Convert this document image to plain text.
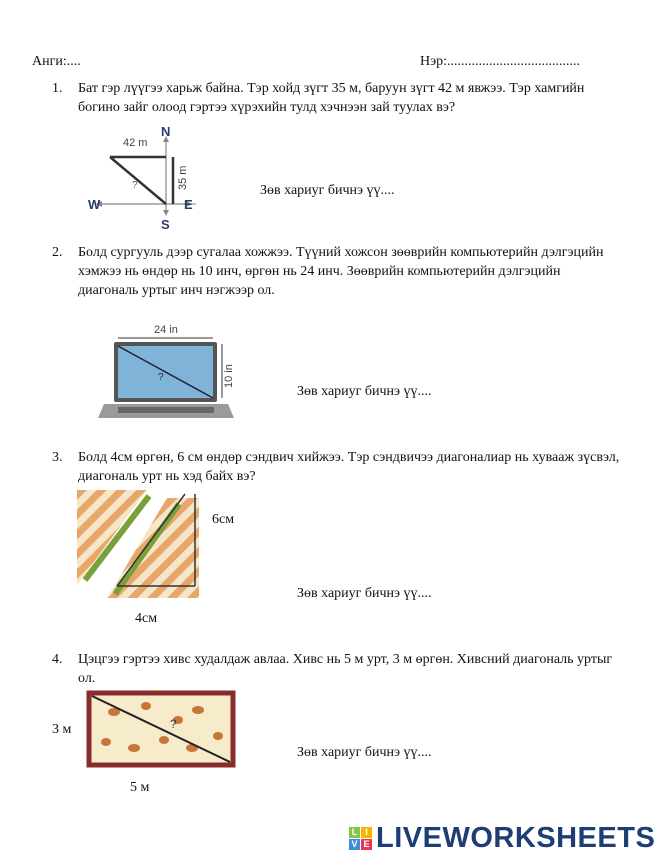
Анги:....	Нэр:......................................
1. Бат гэр лүүгээ харьж байна. Тэр хойд зүгт 35 м, баруун зүгт 42 м явжээ. Тэр хамгийн богино зайг олоод гэртээ хүрэхийн тулд хэчнээн зай туулах вэ?
42 m
35 m
?
N
S
E
W
Зөв хариуг бичнэ үү....
2. Болд сургууль дээр сугалаа хожжээ. Түүний хожсон зөөврийн компьютерийн дэлгэцийн хэмжээ нь өндөр нь 10 инч, өргөн нь 24 инч. Зөөврийн компьютерийн дэлгэцийн диагональ уртыг инч нэгжээр ол.
24 in
?	10 in
Зөв хариуг бичнэ үү....
3. Болд 4см өргөн, 6 см өндөр сэндвич хийжээ. Тэр сэндвичээ диагоналиар нь хуваaж зүсвэл, диагональ урт нь хэд байх вэ?
6см
4см
Зөв хариуг бичнэ үү....
4. Цэцгээ гэртээ хивс худалдаж авлаа. Хивс нь 5 м урт, 3 м өргөн. Хивсний диагональ уртыг ол.
?
3 м
5 м
Зөв хариуг бичнэ үү....
L I
V E LIVEWORKSHEETS
